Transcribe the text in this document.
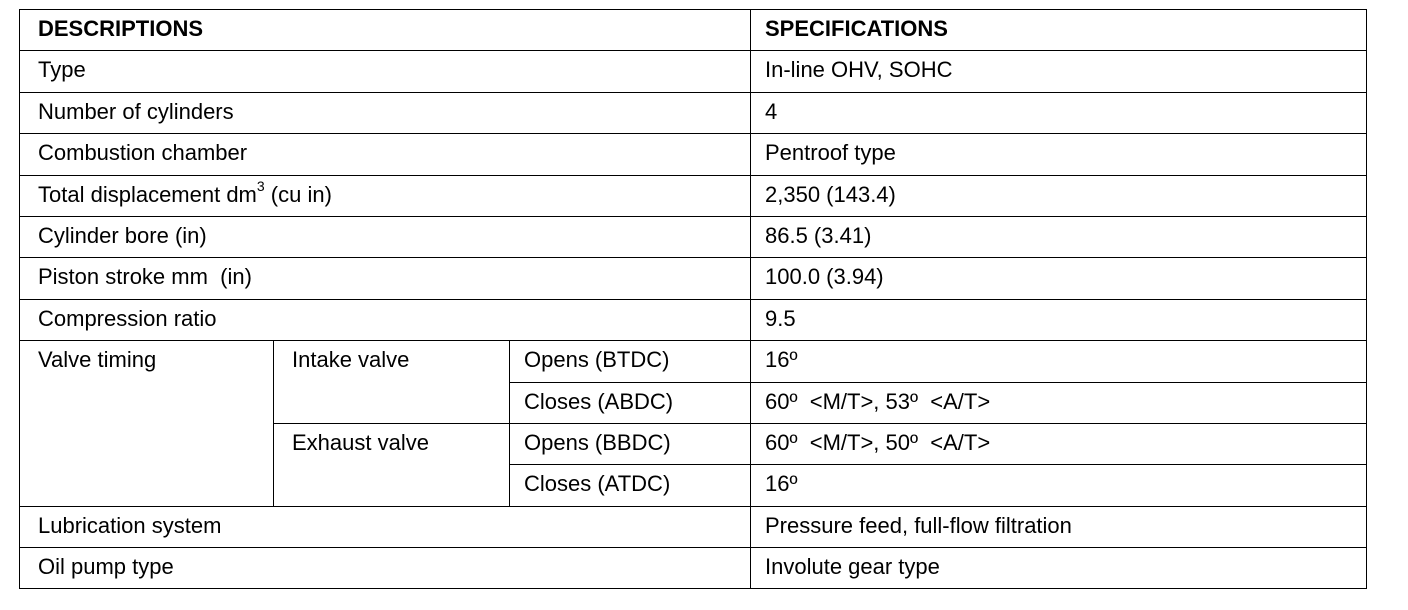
DESCRIPTIONS			SPECIFICATIONS
Type			In-line OHV, SOHC
Number of cylinders			4
Combustion chamber			Pentroof type
Total displacement $dm^3$ (cu in)			2,350 (143.4)
Cylinder bore (in)			86.5 (3.41)
Piston stroke mm  (in)			100.0 (3.94)
Compression ratio			9.5
Valve timing	Intake valve	Opens (BTDC)	16º
		Closes (ABDC)	60º  <M/T>, 53º  <A/T>
	Exhaust valve	Opens (BBDC)	60º  <M/T>, 50º  <A/T>
		Closes (ATDC)	16º
Lubrication system			Pressure feed, full-flow filtration
Oil pump type			Involute gear type
